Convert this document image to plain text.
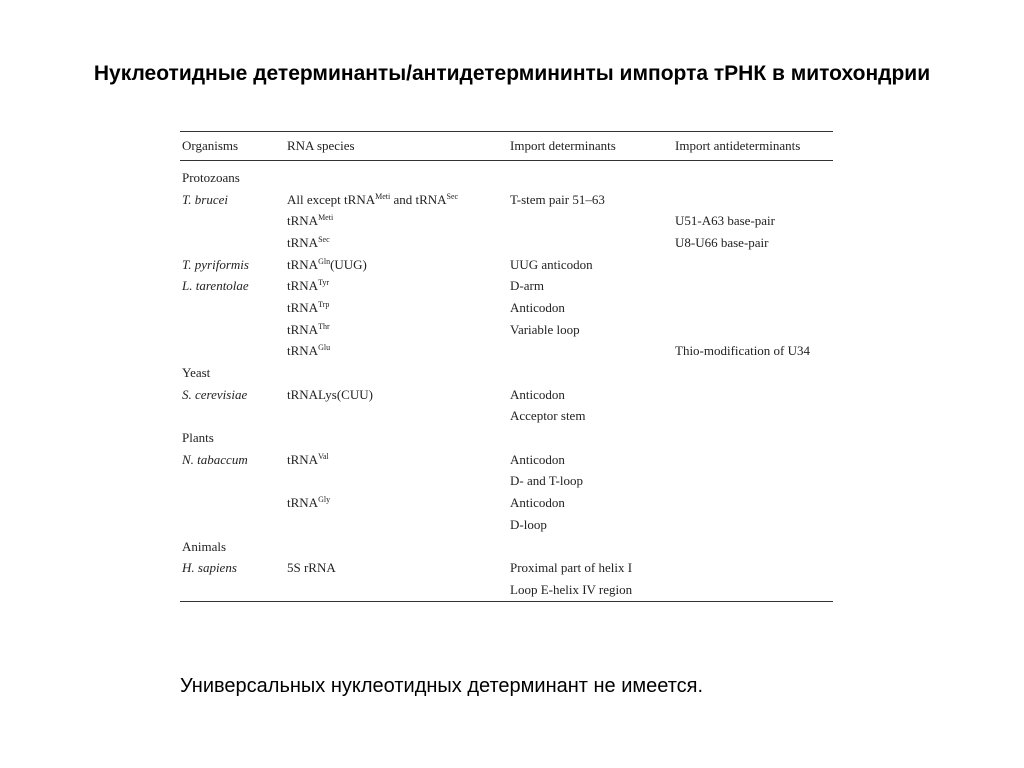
Нуклеотидные детерминанты/антидетермининты импорта тРНК в митохондрии
Organisms	RNA species	Import determinants	Import antideterminants
Protozoans			
T. brucei	All except tRNA$^{Meti}$ and tRNA$^{Sec}$	T-stem pair 51–63	
	tRNA$^{Meti}$		U51-A63 base-pair
	tRNA$^{Sec}$		U8-U66 base-pair
T. pyriformis	tRNA$^{Gln}$(UUG)	UUG anticodon	
L. tarentolae	tRNA$^{Tyr}$	D-arm	
	tRNA$^{Trp}$	Anticodon	
	tRNA$^{Thr}$	Variable loop	
	tRNA$^{Glu}$		Thio-modification of U34
Yeast			
S. cerevisiae	tRNALys(CUU)	Anticodon	
		Acceptor stem	
Plants			
N. tabaccum	tRNA$^{Val}$	Anticodon	
		D- and T-loop	
	tRNA$^{Gly}$	Anticodon	
		D-loop	
Animals			
H. sapiens	5S rRNA	Proximal part of helix I	
		Loop E-helix IV region	
Универсальных нуклеотидных детерминант не имеется.
